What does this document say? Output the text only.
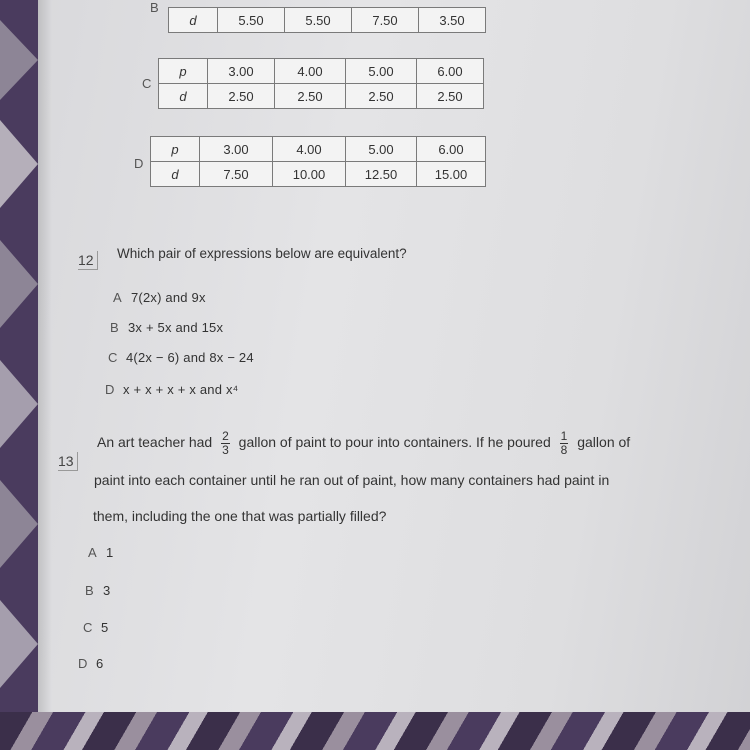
B
d	5.50	5.50	7.50	3.50
C
p	3.00	4.00	5.00	6.00
d	2.50	2.50	2.50	2.50
D
p	3.00	4.00	5.00	6.00
d	7.50	10.00	12.50	15.00
12 Which pair of expressions below are equivalent?
A 7(2x) and 9x
B 3x + 5x and 15x
C 4(2x − 6) and 8x − 24
D x + x + x + x and x⁴
13
An art teacher had $\frac{2}{3}$ gallon of paint to pour into containers. If he poured $\frac{1}{8}$ gallon of
paint into each container until he ran out of paint, how many containers had paint in
them, including the one that was partially filled?
A 1
B 3
C 5
D 6
